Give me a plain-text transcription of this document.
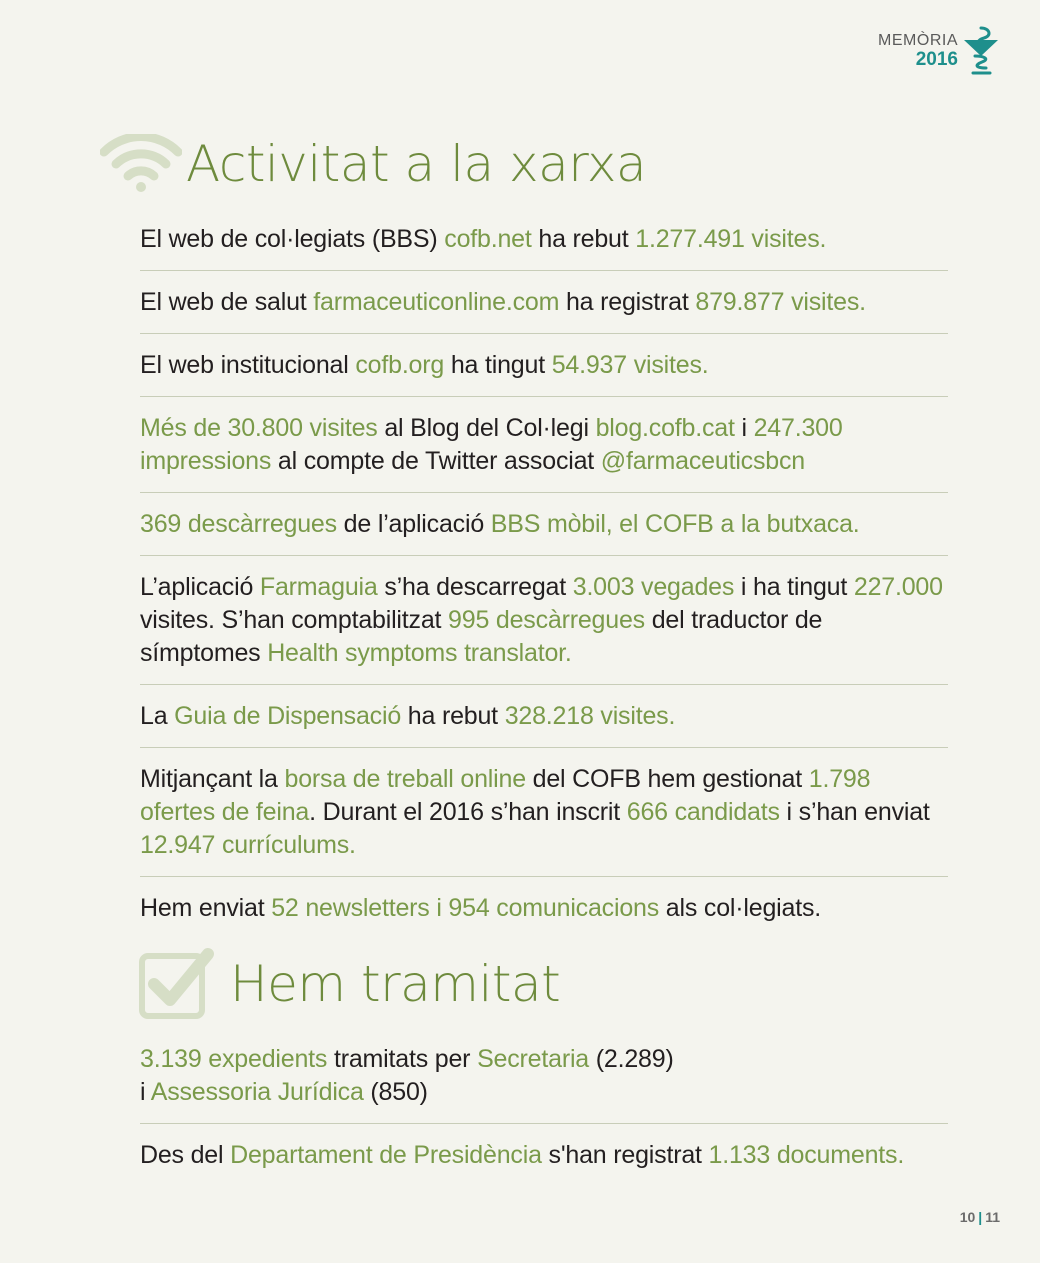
MEMÒRIA
2016
Activitat a la xarxa
El web de col·legiats (BBS) cofb.net ha rebut 1.277.491 visites.
El web de salut farmaceuticonline.com ha registrat 879.877 visites.
El web institucional cofb.org ha tingut 54.937 visites.
Més de 30.800 visites al Blog del Col·legi blog.cofb.cat i 247.300 impressions al compte de Twitter associat @farmaceuticsbcn
369 descàrregues de l’aplicació BBS mòbil, el COFB a la butxaca.
L’aplicació Farmaguia s’ha descarregat 3.003 vegades i ha tingut 227.000 visites. S’han comptabilitzat 995 descàrregues del traductor de símptomes Health symptoms translator.
La Guia de Dispensació ha rebut 328.218 visites.
Mitjançant la borsa de treball online del COFB hem gestionat 1.798 ofertes de feina. Durant el 2016 s’han inscrit 666 candidats i s’han enviat 12.947 currículums.
Hem enviat 52 newsletters i 954 comunicacions als col·legiats.
Hem tramitat
3.139 expedients tramitats per Secretaria (2.289)
i Assessoria Jurídica (850)
Des del Departament de Presidència s'han registrat 1.133 documents.
10 | 11
